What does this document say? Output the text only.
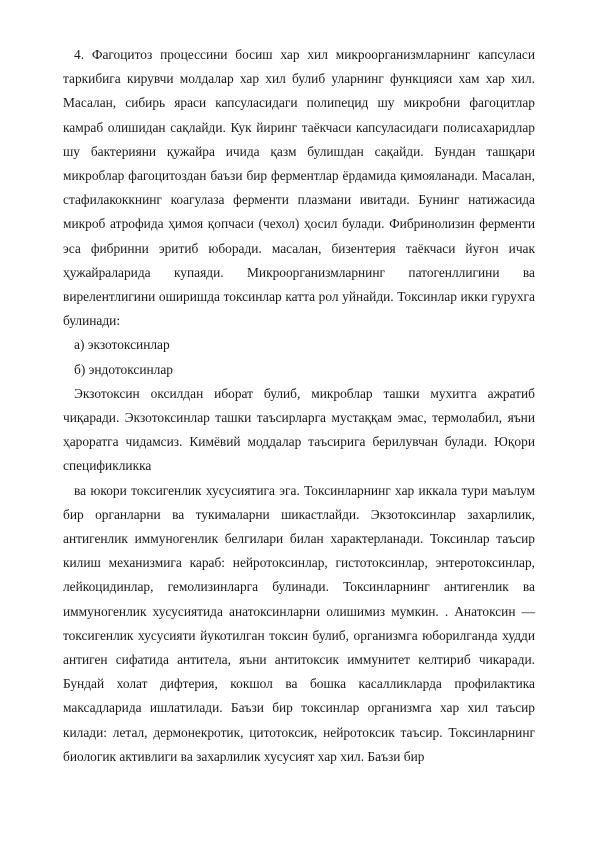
4. Фагоцитоз процессини босиш хар хил микроорганизмларнинг капсуласи таркибига кирувчи молдалар хар хил булиб уларнинг функцияси хам хар хил. Масалан, сибирь яраси капсуласидаги полипецид шу микробни фагоцитлар камраб олишидан сақлайди. Кук йиринг таёкчаси капсуласидаги полисахаридлар шу бактерияни қужайра ичида қазм булишдан сақайди. Бундан ташқари микроблар фагоцитоздан баъзи бир ферментлар ёрдамида қимояланади. Масалан, стафилакоккнинг коагулаза ферменти плазмани ивитади. Бунинг натижасида микроб атрофида ҳимоя қопчаси (чехол) ҳосил булади. Фибринолизин ферменти эса фибринни эритиб юборади. масалан, бизентерия таёкчаси йуғон ичак ҳужайраларида купаяди. Микроорганизмларнинг патогенллигини ва вирелентлигини оширишда токсинлар катта рол уйнайди. Токсинлар икки гурухга булинади:

а) экзотоксинлар

б) эндотоксинлар

Экзотоксин оксилдан иборат булиб, микроблар ташки мухитга ажратиб чиқаради. Экзотоксинлар ташки таъсирларга мустаққам эмас, термолабил, яъни ҳароратга чидамсиз. Кимёвий моддалар таъсирига берилувчан булади. Юқори спецификликка

ва юкори токсигенлик хусусиятига эга. Токсинларнинг хар иккала тури маълум бир органларни ва тукималарни шикастлайди. Экзотоксинлар захарлилик, антигенлик иммуногенлик белгилари билан характерланади. Токсинлар таъсир килиш механизмига караб: нейротоксинлар, гистотоксинлар, энтеротоксинлар, лейкоцидинлар, гемолизинларга булинади. Токсинларнинг антигенлик ва иммуногенлик хусусиятида анатоксинларни олишимиз мумкин. . Анатоксин — токсигенлик хусусияти йукотилган токсин булиб, организмга юборилганда худди антиген сифатида антитела, яъни антитоксик иммунитет келтириб чикаради. Бундай холат дифтерия, кокшол ва бошка касалликларда профилактика максадларида ишлатилади. Баъзи бир токсинлар организмга хар хил таъсир килади: летал, дермонекротик, цитотоксик, нейротоксик таъсир. Токсинларнинг биологик активлиги ва захарлилик хусусият хар хил. Баъзи бир
